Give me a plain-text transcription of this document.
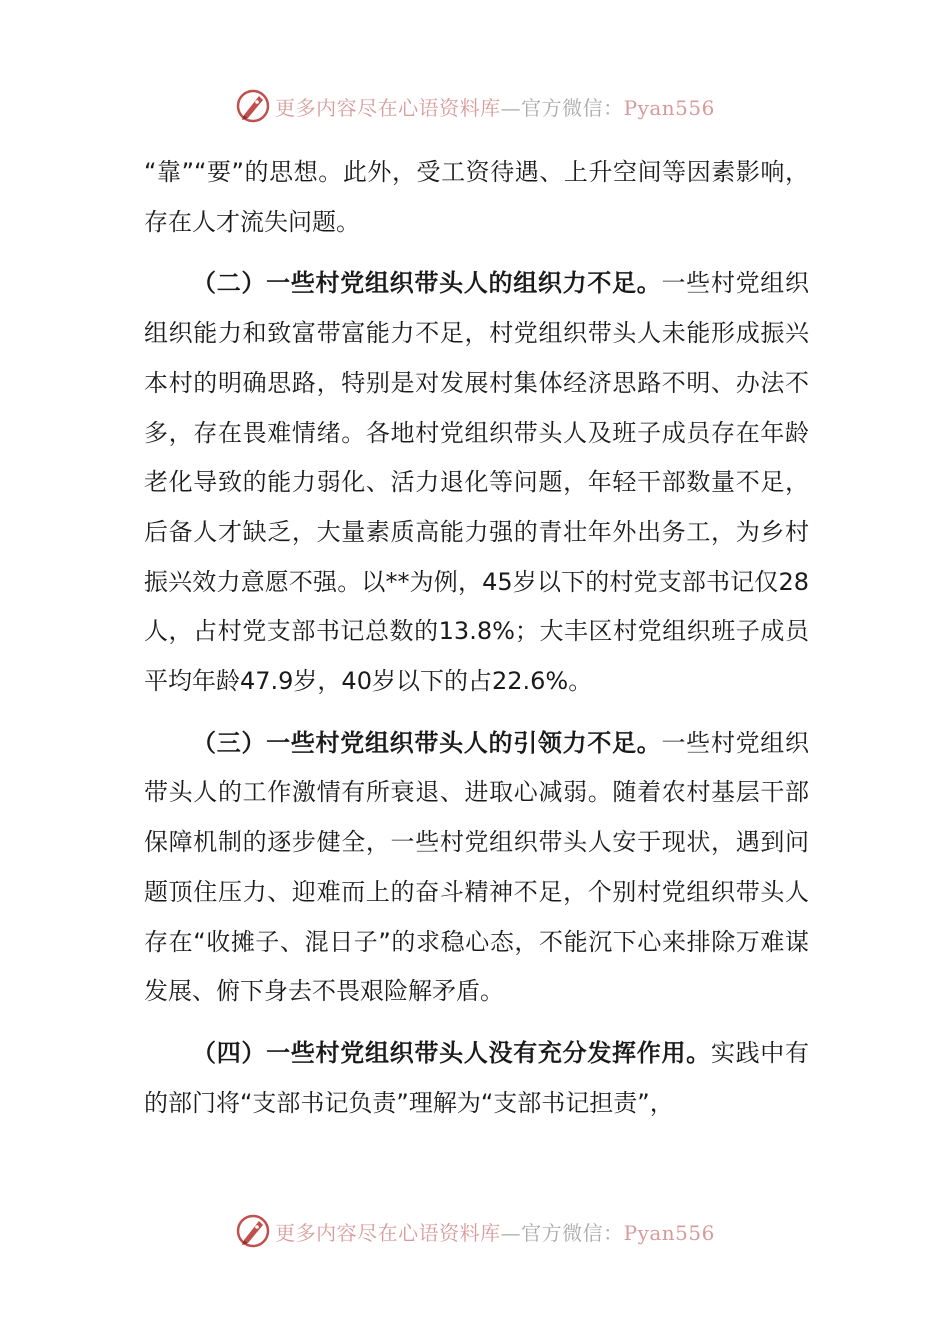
更多内容尽在心语资料库—官方微信：Pyan556

“靠”“要”的思想。此外，受工资待遇、上升空间等因素影响，存在人才流失问题。

（二）一些村党组织带头人的组织力不足。一些村党组织组织能力和致富带富能力不足，村党组织带头人未能形成振兴本村的明确思路，特别是对发展村集体经济思路不明、办法不多，存在畏难情绪。各地村党组织带头人及班子成员存在年龄老化导致的能力弱化、活力退化等问题，年轻干部数量不足，后备人才缺乏，大量素质高能力强的青壮年外出务工，为乡村振兴效力意愿不强。以**为例，45岁以下的村党支部书记仅28人，占村党支部书记总数的13.8%；大丰区村党组织班子成员平均年龄47.9岁，40岁以下的占22.6%。

（三）一些村党组织带头人的引领力不足。一些村党组织带头人的工作激情有所衰退、进取心减弱。随着农村基层干部保障机制的逐步健全，一些村党组织带头人安于现状，遇到问题顶住压力、迎难而上的奋斗精神不足，个别村党组织带头人存在“收摊子、混日子”的求稳心态，不能沉下心来排除万难谋发展、俯下身去不畏艰险解矛盾。

（四）一些村党组织带头人没有充分发挥作用。实践中有的部门将“支部书记负责”理解为“支部书记担责”，

更多内容尽在心语资料库—官方微信：Pyan556
